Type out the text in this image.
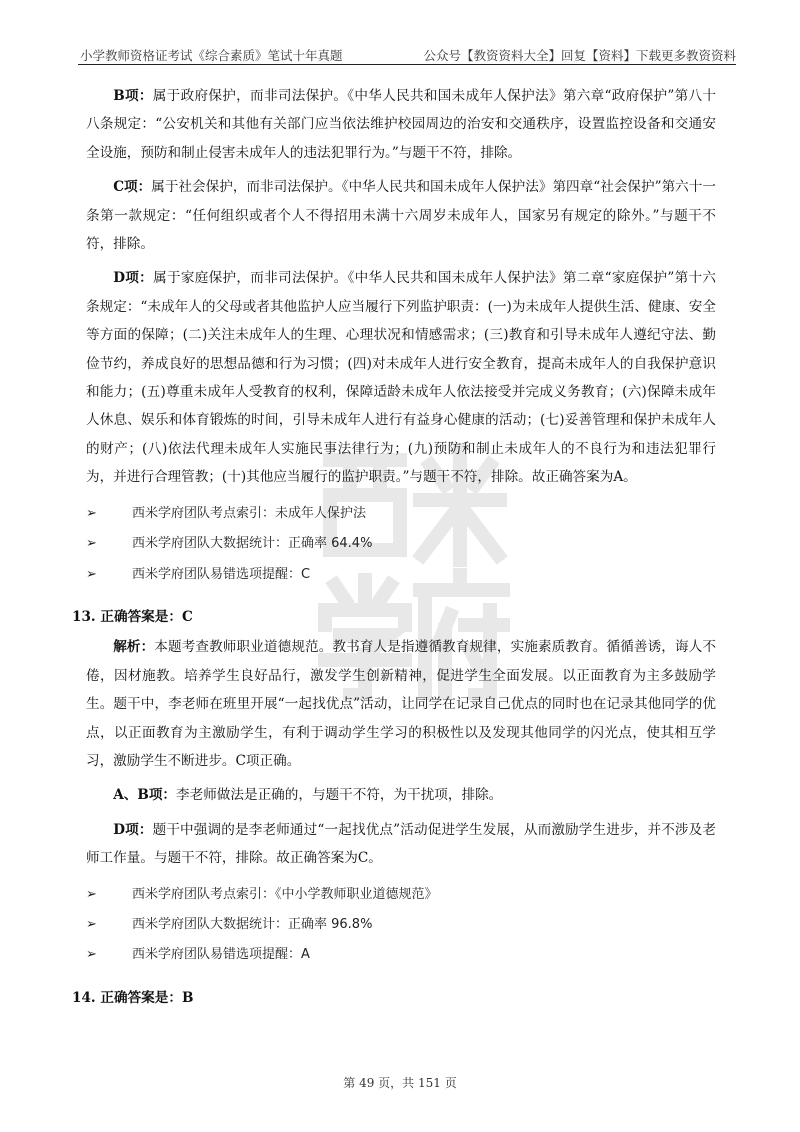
小学教师资格证考试《综合素质》笔试十年真题	公众号【教资资料大全】回复【资料】下载更多教资资料

B项：属于政府保护，而非司法保护。《中华人民共和国未成年人保护法》第六章“政府保护”第八十八条规定：“公安机关和其他有关部门应当依法维护校园周边的治安和交通秩序，设置监控设备和交通安全设施，预防和制止侵害未成年人的违法犯罪行为。”与题干不符，排除。

C项：属于社会保护，而非司法保护。《中华人民共和国未成年人保护法》第四章“社会保护”第六十一条第一款规定：“任何组织或者个人不得招用未满十六周岁未成年人，国家另有规定的除外。”与题干不符，排除。

D项：属于家庭保护，而非司法保护。《中华人民共和国未成年人保护法》第二章“家庭保护”第十六条规定：“未成年人的父母或者其他监护人应当履行下列监护职责：(一)为未成年人提供生活、健康、安全等方面的保障；(二)关注未成年人的生理、心理状况和情感需求；(三)教育和引导未成年人遵纪守法、勤俭节约，养成良好的思想品德和行为习惯；(四)对未成年人进行安全教育，提高未成年人的自我保护意识和能力；(五)尊重未成年人受教育的权利，保障适龄未成年人依法接受并完成义务教育；(六)保障未成年人休息、娱乐和体育锻炼的时间，引导未成年人进行有益身心健康的活动；(七)妥善管理和保护未成年人的财产；(八)依法代理未成年人实施民事法律行为；(九)预防和制止未成年人的不良行为和违法犯罪行为，并进行合理管教；(十)其他应当履行的监护职责。”与题干不符，排除。故正确答案为A。

➢	西米学府团队考点索引：未成年人保护法

➢	西米学府团队大数据统计：正确率 64.4%

➢	西米学府团队易错选项提醒：C

13. 正确答案是：C

解析：本题考查教师职业道德规范。教书育人是指遵循教育规律，实施素质教育。循循善诱，诲人不倦，因材施教。培养学生良好品行，激发学生创新精神，促进学生全面发展。以正面教育为主多鼓励学生。题干中，李老师在班里开展“一起找优点”活动，让同学在记录自己优点的同时也在记录其他同学的优点，以正面教育为主激励学生，有利于调动学生学习的积极性以及发现其他同学的闪光点，使其相互学习，激励学生不断进步。C项正确。

A、B项：李老师做法是正确的，与题干不符，为干扰项，排除。

D项：题干中强调的是李老师通过“一起找优点”活动促进学生发展，从而激励学生进步，并不涉及老师工作量。与题干不符，排除。故正确答案为C。

➢	西米学府团队考点索引：《中小学教师职业道德规范》

➢	西米学府团队大数据统计：正确率 96.8%

➢	西米学府团队易错选项提醒：A

14. 正确答案是：B

第 49 页，共 151 页
